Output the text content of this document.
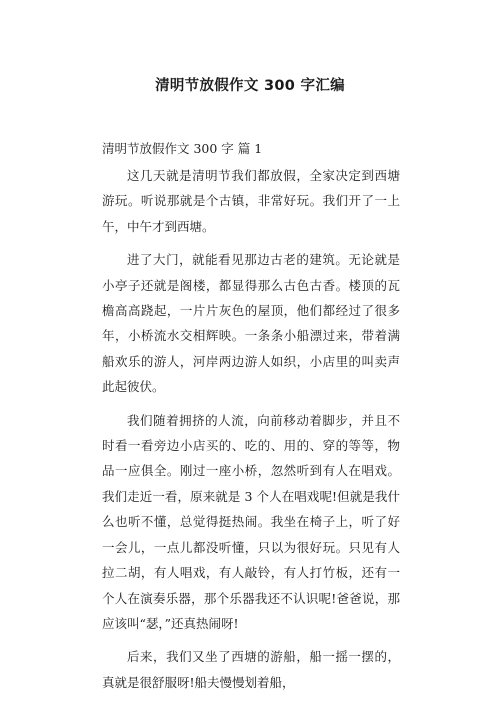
清明节放假作文 300 字汇编

清明节放假作文 300 字 篇 1

这几天就是清明节我们都放假，全家决定到西塘游玩。听说那就是个古镇，非常好玩。我们开了一上午，中午才到西塘。

进了大门，就能看见那边古老的建筑。无论就是小亭子还就是阁楼，都显得那么古色古香。楼顶的瓦檐高高跷起，一片片灰色的屋顶，他们都经过了很多年，小桥流水交相辉映。一条条小船漂过来，带着满船欢乐的游人，河岸两边游人如织，小店里的叫卖声此起彼伏。

我们随着拥挤的人流，向前移动着脚步，并且不时看一看旁边小店买的、吃的、用的、穿的等等，物品一应俱全。刚过一座小桥，忽然听到有人在唱戏。我们走近一看，原来就是 3 个人在唱戏呢!但就是我什么也听不懂，总觉得挺热闹。我坐在椅子上，听了好一会儿，一点儿都没听懂，只以为很好玩。只见有人拉二胡，有人唱戏，有人敲铃，有人打竹板，还有一个人在演奏乐器，那个乐器我还不认识呢!爸爸说，那应该叫“瑟，”还真热闹呀!

后来，我们又坐了西塘的游船，船一摇一摆的，真就是很舒服呀!船夫慢慢划着船，
